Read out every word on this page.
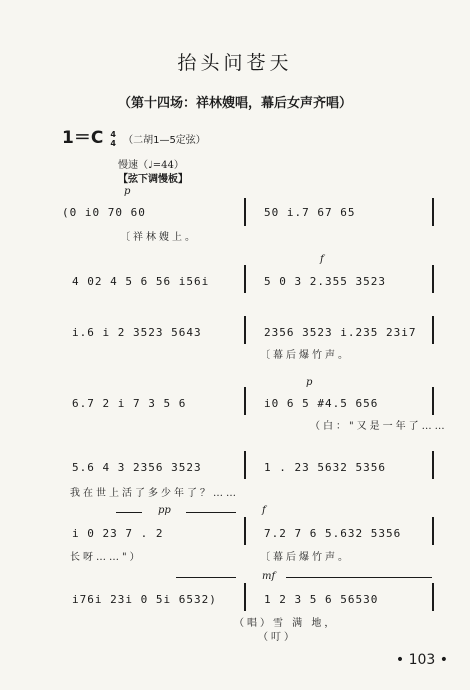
抬头问苍天
（第十四场：祥林嫂唱，幕后女声齐唱）
1＝C 4
4 （二胡1—5定弦）
慢速（♩=44）
【弦下调慢板】
p
(0 i0 70 60	50 i.7 67 65
〔祥林嫂上。
f
4 02 4 5 6 56 i56i	5 0 3 2.355 3523
i.6 i 2 3523 5643	2356 3523 i.235 23i7
〔幕后爆竹声。
p
6.7 2 i 7 3 5 6	i0 6 5 #4.5 656
（白："又是一年了……
5.6 4 3 2356 3523	1 . 23 5632 5356
我在世上活了多少年了？……
pp	f
i 0 23 7 . 2	7.2 7 6 5.632 5356
长呀……"）	〔幕后爆竹声。
mf
i76i 23i 0 5i 6532)	1 2 3 5 6 56530
（唱）雪 满 地，
（叮）
• 103 •
